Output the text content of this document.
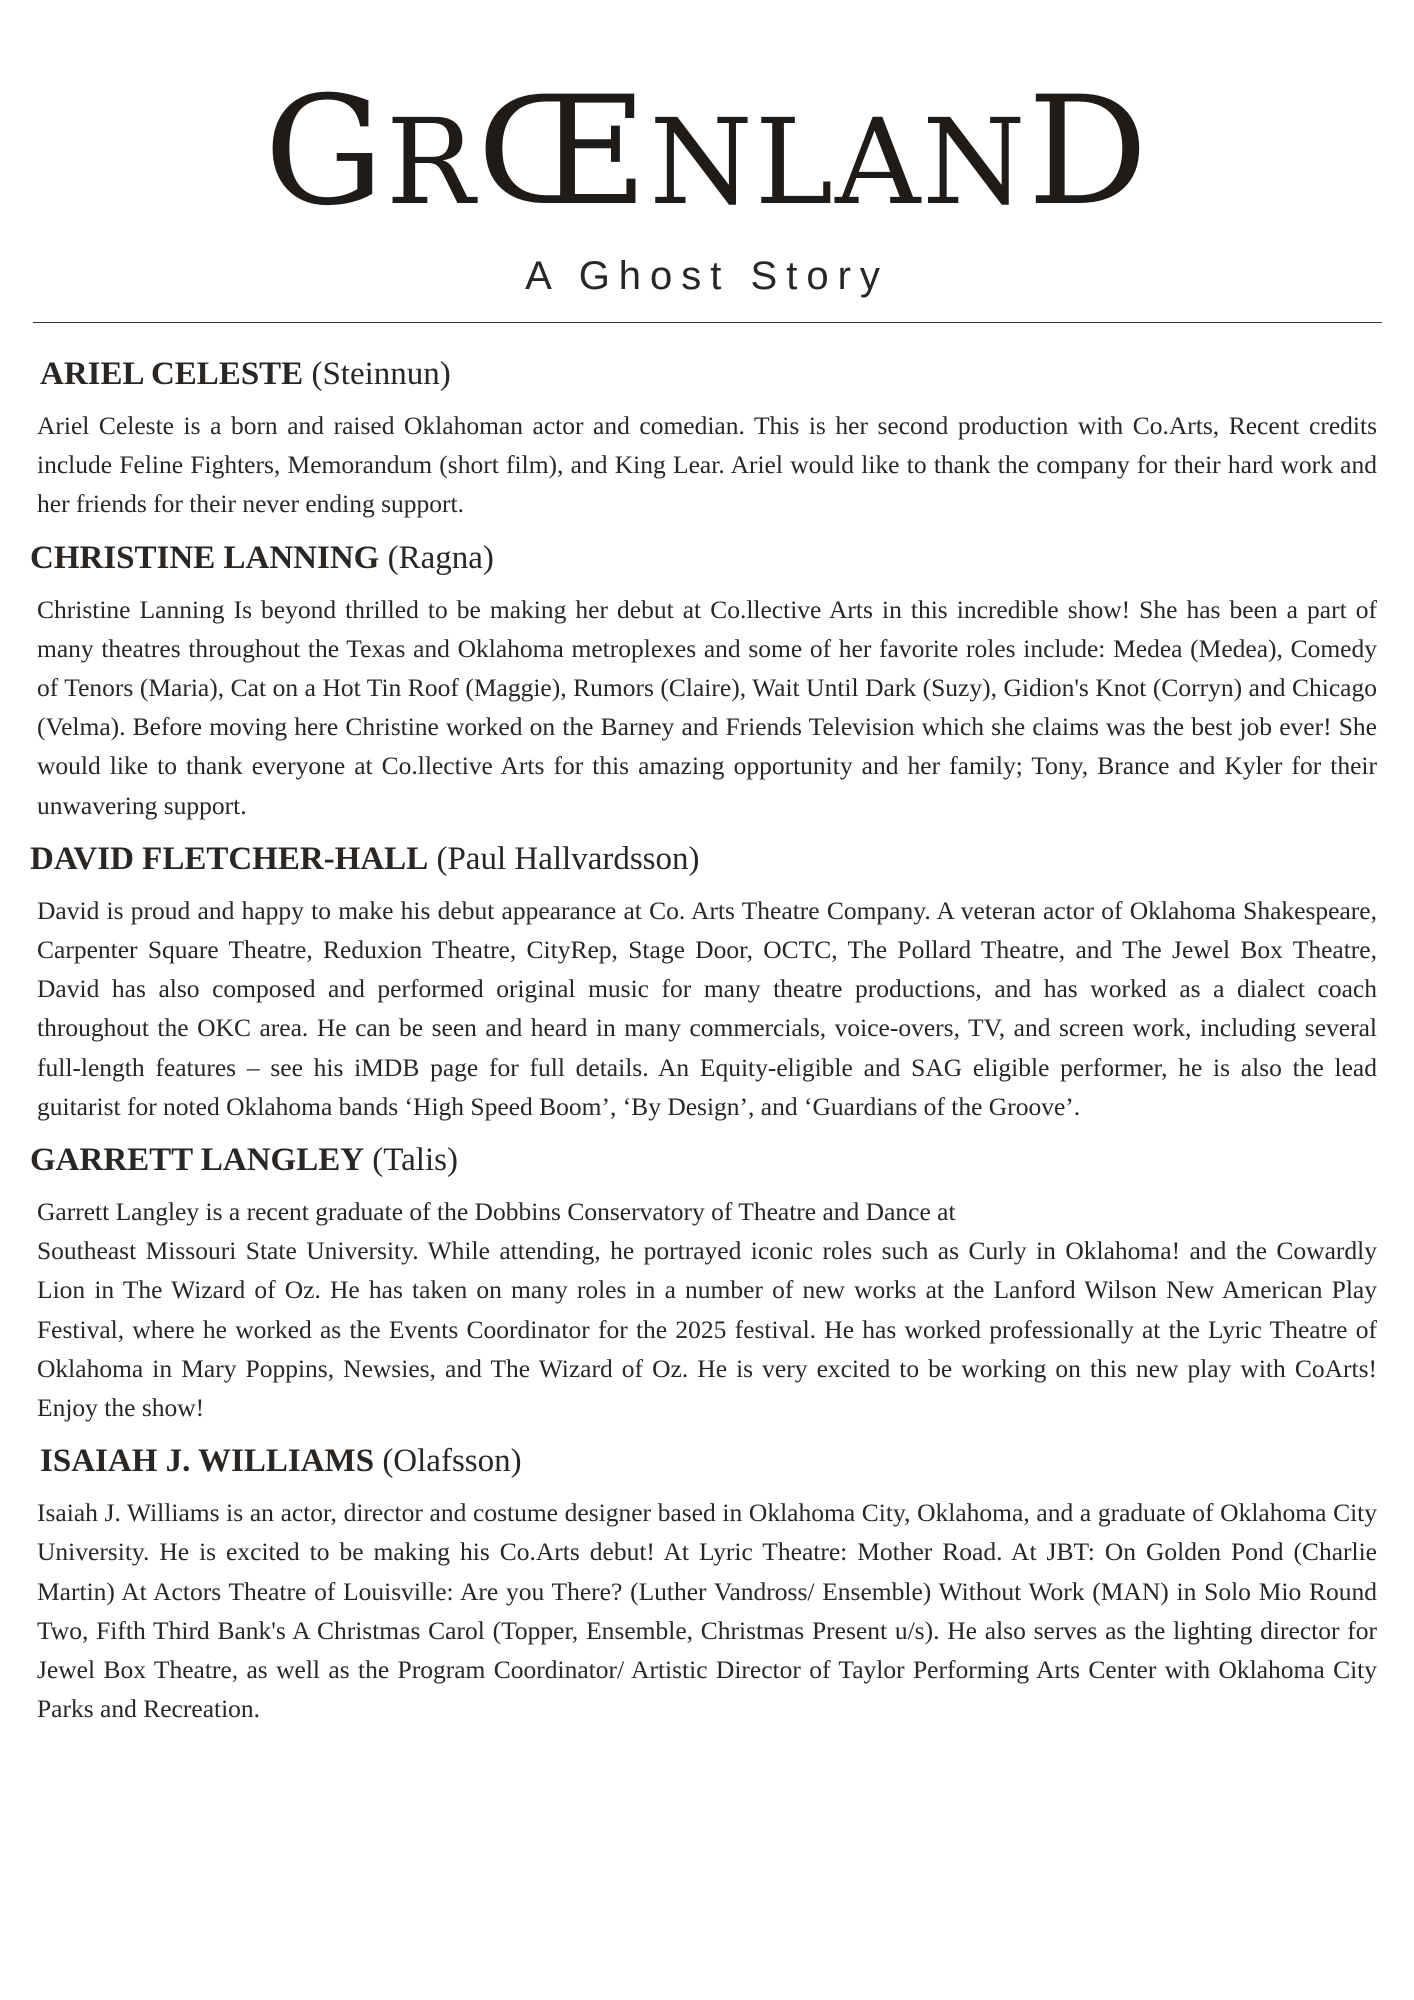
GRŒNLAND
A Ghost Story

ARIEL CELESTE (Steinnun)

Ariel Celeste is a born and raised Oklahoman actor and comedian. This is her second production with Co.Arts, Recent credits include Feline Fighters, Memorandum (short film), and King Lear. Ariel would like to thank the company for their hard work and her friends for their never ending support.

CHRISTINE LANNING (Ragna)

Christine Lanning Is beyond thrilled to be making her debut at Co.llective Arts in this incredible show! She has been a part of many theatres throughout the Texas and Oklahoma metroplexes and some of her favorite roles include: Medea (Medea), Comedy of Tenors (Maria), Cat on a Hot Tin Roof (Maggie), Rumors (Claire), Wait Until Dark (Suzy), Gidion's Knot (Corryn) and Chicago (Velma). Before moving here Christine worked on the Barney and Friends Television which she claims was the best job ever! She would like to thank everyone at Co.llective Arts for this amazing opportunity and her family; Tony, Brance and Kyler for their unwavering support.

DAVID FLETCHER-HALL (Paul Hallvardsson)

David is proud and happy to make his debut appearance at Co. Arts Theatre Company. A veteran actor of Oklahoma Shakespeare, Carpenter Square Theatre, Reduxion Theatre, CityRep, Stage Door, OCTC, The Pollard Theatre, and The Jewel Box Theatre, David has also composed and performed original music for many theatre productions, and has worked as a dialect coach throughout the OKC area. He can be seen and heard in many commercials, voice-overs, TV, and screen work, including several full-length features – see his iMDB page for full details. An Equity-eligible and SAG eligible performer, he is also the lead guitarist for noted Oklahoma bands ‘High Speed Boom’, ‘By Design’, and ‘Guardians of the Groove’.

GARRETT LANGLEY (Talis)

Garrett Langley is a recent graduate of the Dobbins Conservatory of Theatre and Dance at
Southeast Missouri State University. While attending, he portrayed iconic roles such as Curly in Oklahoma! and the Cowardly Lion in The Wizard of Oz. He has taken on many roles in a number of new works at the Lanford Wilson New American Play Festival, where he worked as the Events Coordinator for the 2025 festival. He has worked professionally at the Lyric Theatre of Oklahoma in Mary Poppins, Newsies, and The Wizard of Oz. He is very excited to be working on this new play with CoArts! Enjoy the show!

ISAIAH J. WILLIAMS (Olafsson)

Isaiah J. Williams is an actor, director and costume designer based in Oklahoma City, Oklahoma, and a graduate of Oklahoma City University. He is excited to be making his Co.Arts debut! At Lyric Theatre: Mother Road. At JBT: On Golden Pond (Charlie Martin) At Actors Theatre of Louisville: Are you There? (Luther Vandross/ Ensemble) Without Work (MAN) in Solo Mio Round Two, Fifth Third Bank's A Christmas Carol (Topper, Ensemble, Christmas Present u/s). He also serves as the lighting director for Jewel Box Theatre, as well as the Program Coordinator/ Artistic Director of Taylor Performing Arts Center with Oklahoma City Parks and Recreation.
